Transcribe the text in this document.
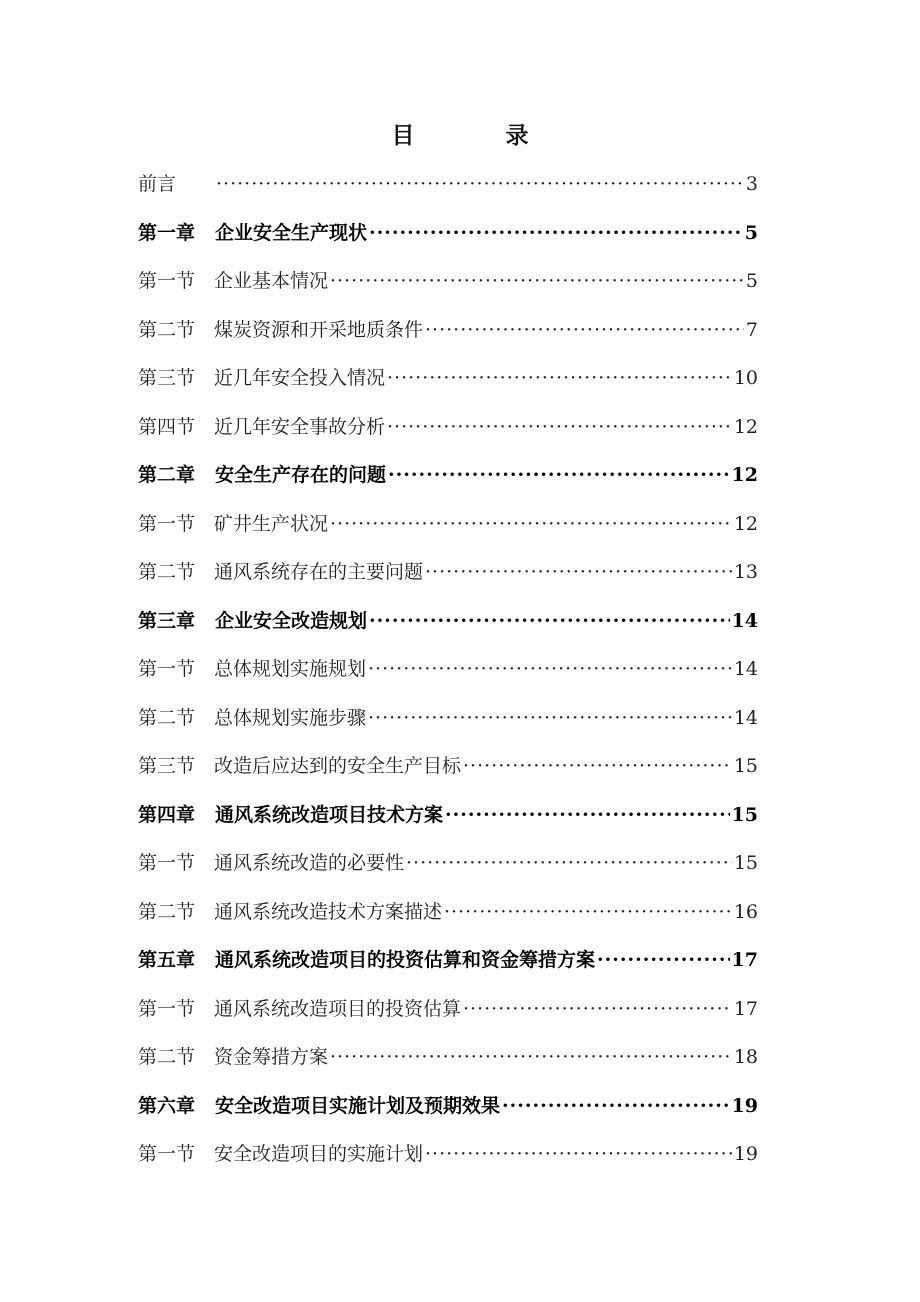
目　录
前言 ·····	3
第一章	企业安全生产现状 ·····	5
第一节 企业基本情况 ·····	5
第二节 煤炭资源和开采地质条件 ·····	7
第三节 近几年安全投入情况 ·····	10
第四节 近几年安全事故分析 ·····	12
第二章	安全生产存在的问题 ·····	12
第一节 矿井生产状况 ·····	12
第二节 通风系统存在的主要问题 ·····	13
第三章	企业安全改造规划 ·····	14
第一节 总体规划实施规划 ·····	14
第二节 总体规划实施步骤 ·····	14
第三节 改造后应达到的安全生产目标 ·····	15
第四章	通风系统改造项目技术方案 ·····	15
第一节 通风系统改造的必要性 ·····	15
第二节 通风系统改造技术方案描述 ·····	16
第五章	通风系统改造项目的投资估算和资金筹措方案 ·····	17
第一节 通风系统改造项目的投资估算 ·····	17
第二节 资金筹措方案 ·····	18
第六章	安全改造项目实施计划及预期效果 ·····	19
第一节 安全改造项目的实施计划 ·····	19
